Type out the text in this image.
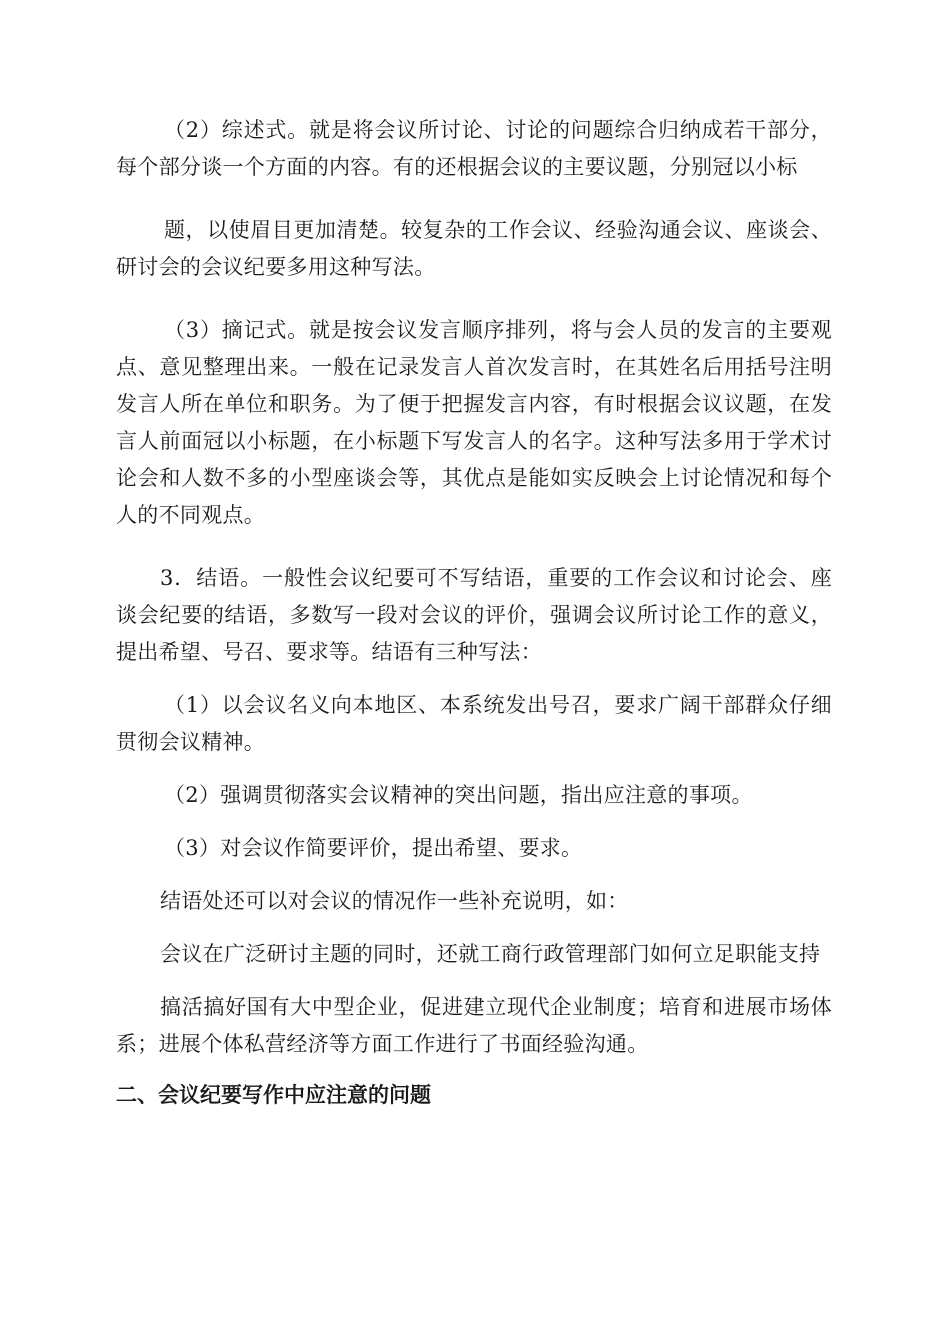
（2）综述式。就是将会议所讨论、讨论的问题综合归纳成若干部分，每个部分谈一个方面的内容。有的还根据会议的主要议题，分别冠以小标

题，以使眉目更加清楚。较复杂的工作会议、经验沟通会议、座谈会、研讨会的会议纪要多用这种写法。

（3）摘记式。就是按会议发言顺序排列，将与会人员的发言的主要观点、意见整理出来。一般在记录发言人首次发言时，在其姓名后用括号注明发言人所在单位和职务。为了便于把握发言内容，有时根据会议议题，在发言人前面冠以小标题，在小标题下写发言人的名字。这种写法多用于学术讨论会和人数不多的小型座谈会等，其优点是能如实反映会上讨论情况和每个人的不同观点。

3．结语。一般性会议纪要可不写结语，重要的工作会议和讨论会、座谈会纪要的结语，多数写一段对会议的评价，强调会议所讨论工作的意义，提出希望、号召、要求等。结语有三种写法：

（1）以会议名义向本地区、本系统发出号召，要求广阔干部群众仔细贯彻会议精神。

（2）强调贯彻落实会议精神的突出问题，指出应注意的事项。

（3）对会议作简要评价，提出希望、要求。

结语处还可以对会议的情况作一些补充说明，如：

会议在广泛研讨主题的同时，还就工商行政管理部门如何立足职能支持

搞活搞好国有大中型企业，促进建立现代企业制度；培育和进展市场体系；进展个体私营经济等方面工作进行了书面经验沟通。

二、会议纪要写作中应注意的问题
